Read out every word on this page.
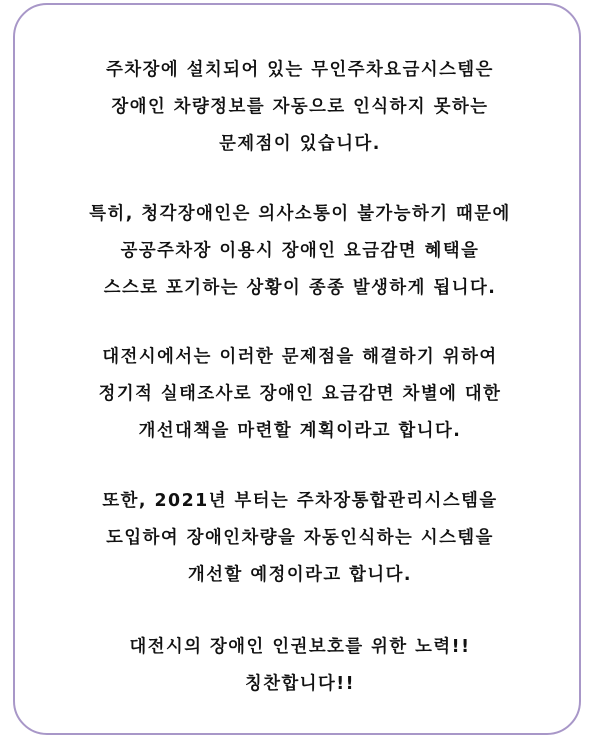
주차장에 설치되어 있는 무인주차요금시스템은
장애인 차량정보를 자동으로 인식하지 못하는
문제점이 있습니다.
특히, 청각장애인은 의사소통이 불가능하기 때문에
공공주차장 이용시 장애인 요금감면 혜택을
스스로 포기하는 상황이 종종 발생하게 됩니다.
대전시에서는 이러한 문제점을 해결하기 위하여
정기적 실태조사로 장애인 요금감면 차별에 대한
개선대책을 마련할 계획이라고 합니다.
또한, 2021년 부터는 주차장통합관리시스템을
도입하여 장애인차량을 자동인식하는 시스템을
개선할 예정이라고 합니다.
대전시의 장애인 인권보호를 위한 노력!!
칭찬합니다!!
